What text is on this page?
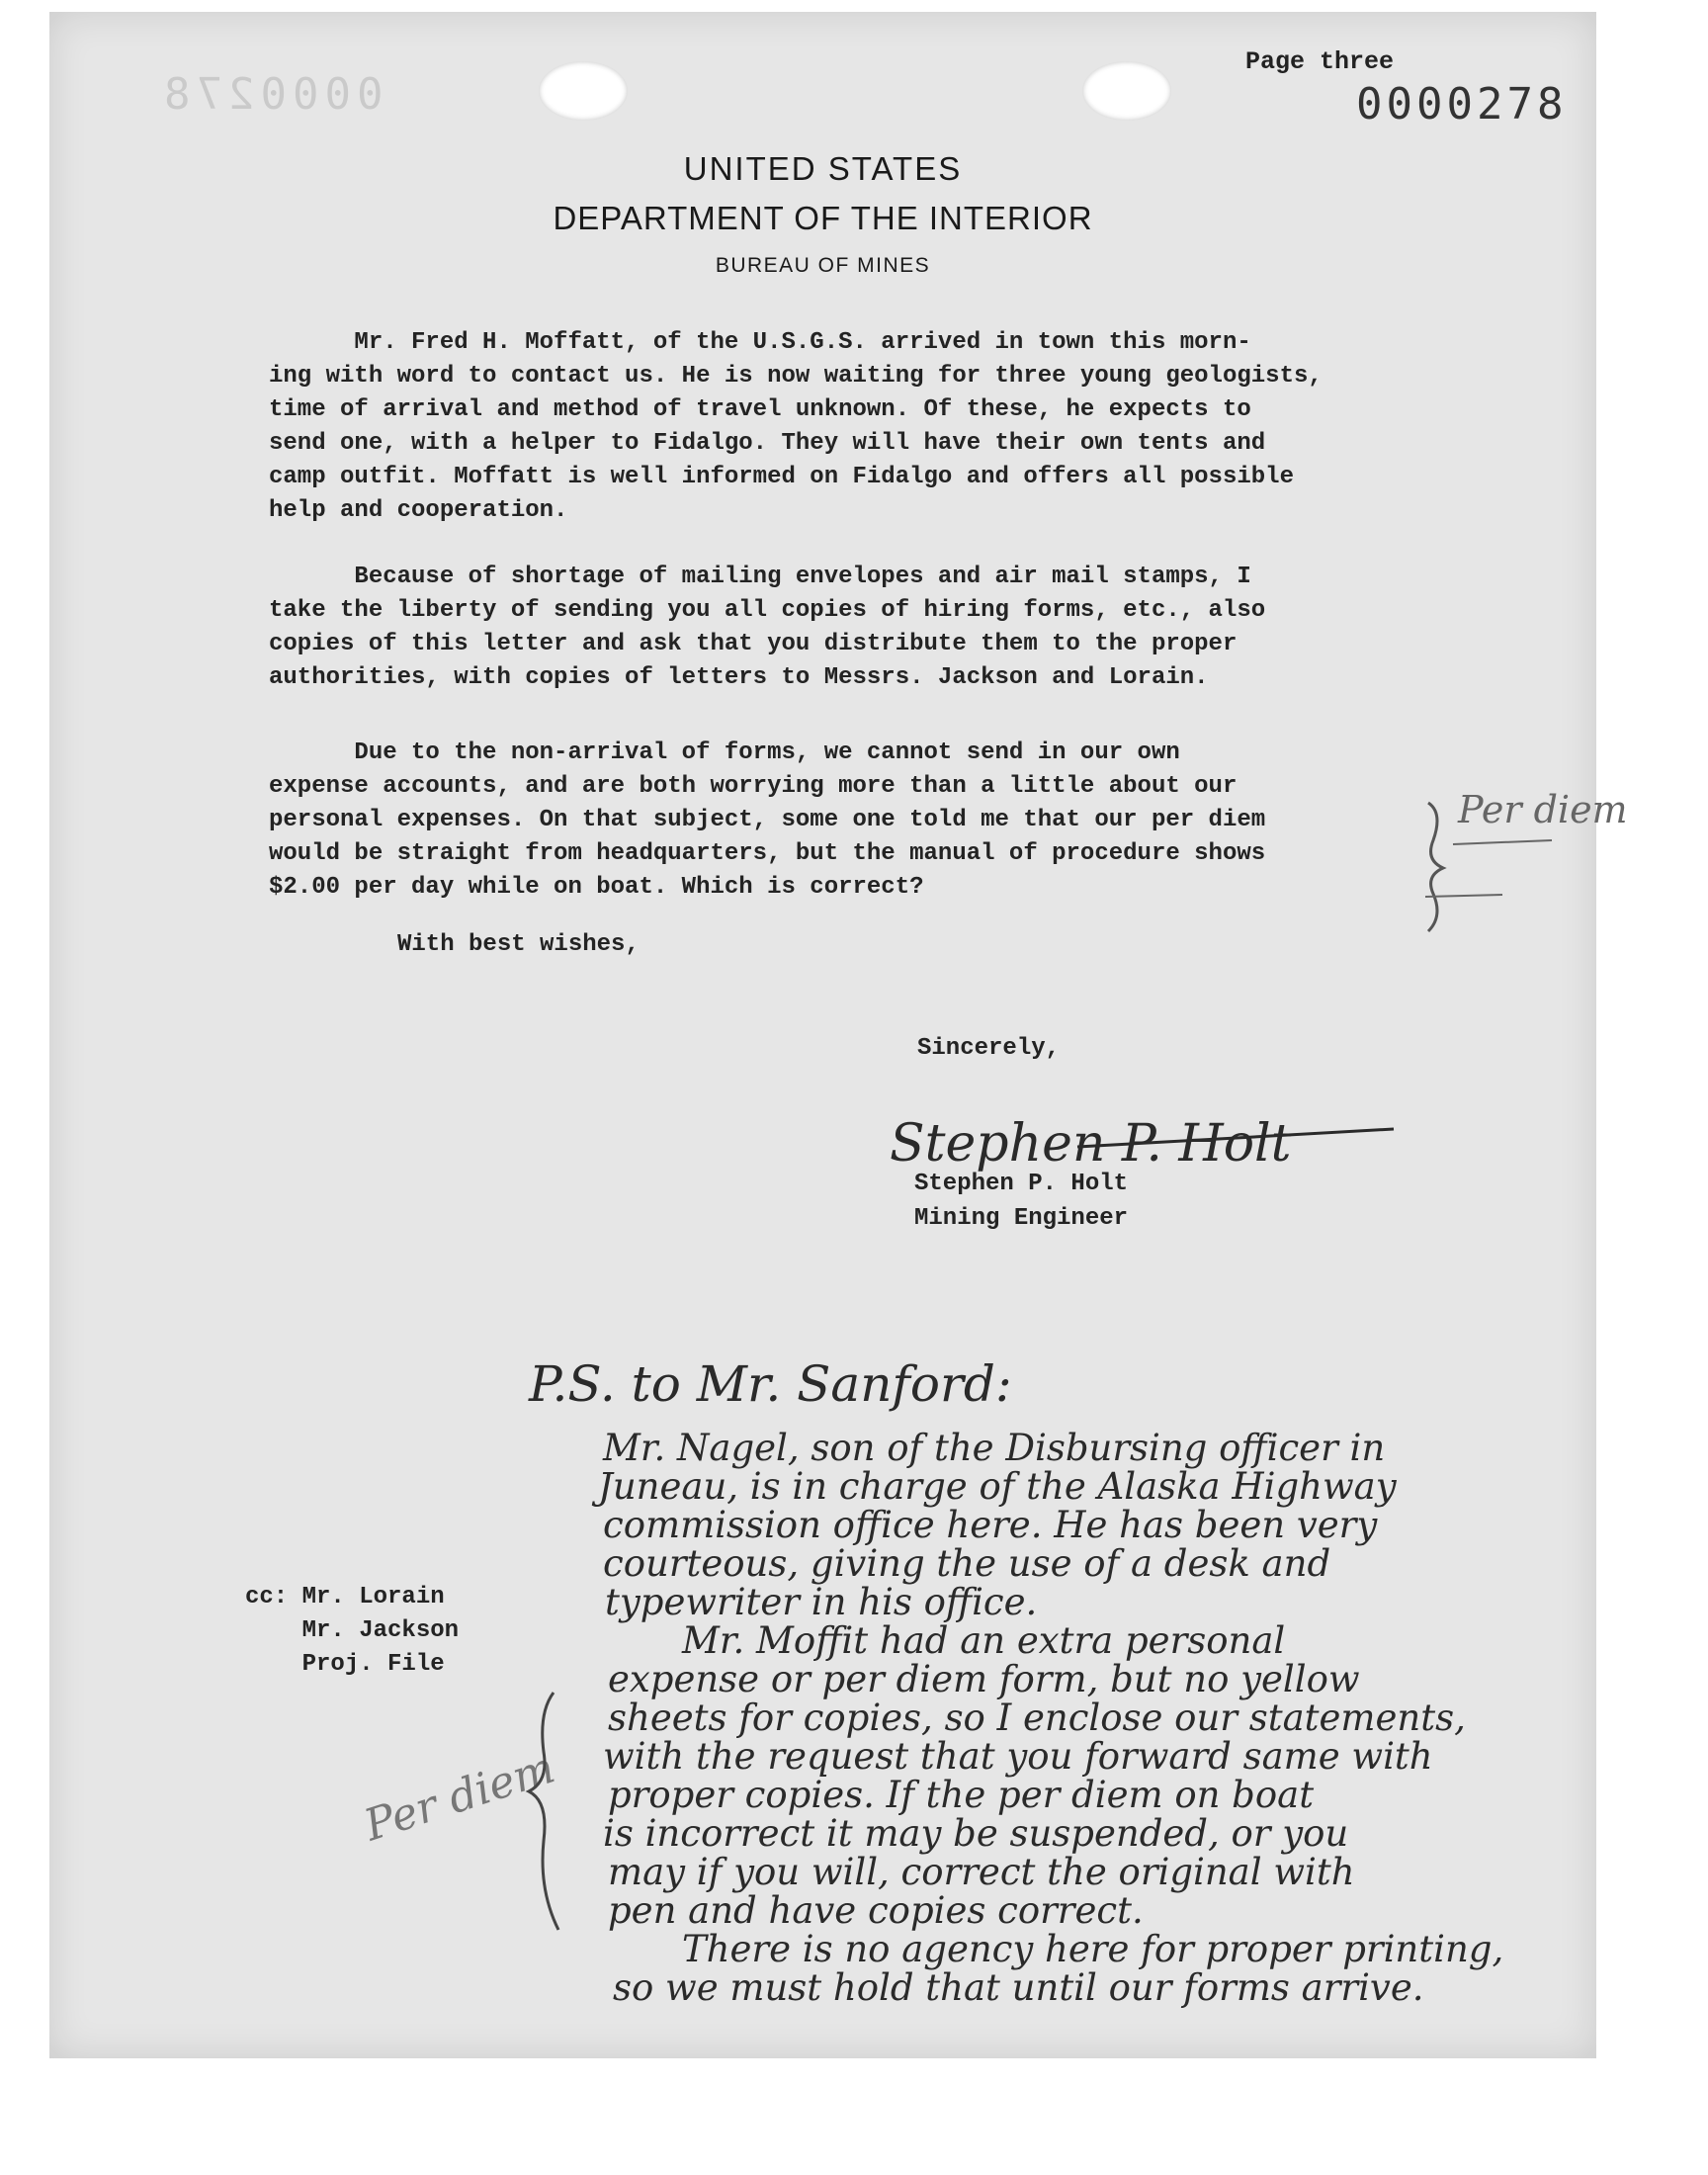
0000278
Page three
0000278
UNITED STATES
DEPARTMENT OF THE INTERIOR
BUREAU OF MINES
Mr. Fred H. Moffatt, of the U.S.G.S. arrived in town this morn-
ing with word to contact us. He is now waiting for three young geologists,
time of arrival and method of travel unknown. Of these, he expects to
send one, with a helper to Fidalgo. They will have their own tents and
camp outfit. Moffatt is well informed on Fidalgo and offers all possible
help and cooperation.
Because of shortage of mailing envelopes and air mail stamps, I
take the liberty of sending you all copies of hiring forms, etc., also
copies of this letter and ask that you distribute them to the proper
authorities, with copies of letters to Messrs. Jackson and Lorain.
Due to the non-arrival of forms, we cannot send in our own
expense accounts, and are both worrying more than a little about our
personal expenses. On that subject, some one told me that our per diem
would be straight from headquarters, but the manual of procedure shows
$2.00 per day while on boat. Which is correct?
With best wishes,
Sincerely,
Stephen P. Holt
Mining Engineer
cc: Mr. Lorain
Mr. Jackson
Proj. File
Stephen P. Holt
Per diem
P.S. to Mr. Sanford:
Mr. Nagel, son of the Disbursing officer in
Juneau, is in charge of the Alaska Highway
commission office here. He has been very
courteous, giving the use of a desk and
typewriter in his office.
Mr. Moffit had an extra personal
expense or per diem form, but no yellow
sheets for copies, so I enclose our statements,
with the request that you forward same with
proper copies. If the per diem on boat
is incorrect it may be suspended, or you
may if you will, correct the original with
pen and have copies correct.
There is no agency here for proper printing,
so we must hold that until our forms arrive.
Per diem
